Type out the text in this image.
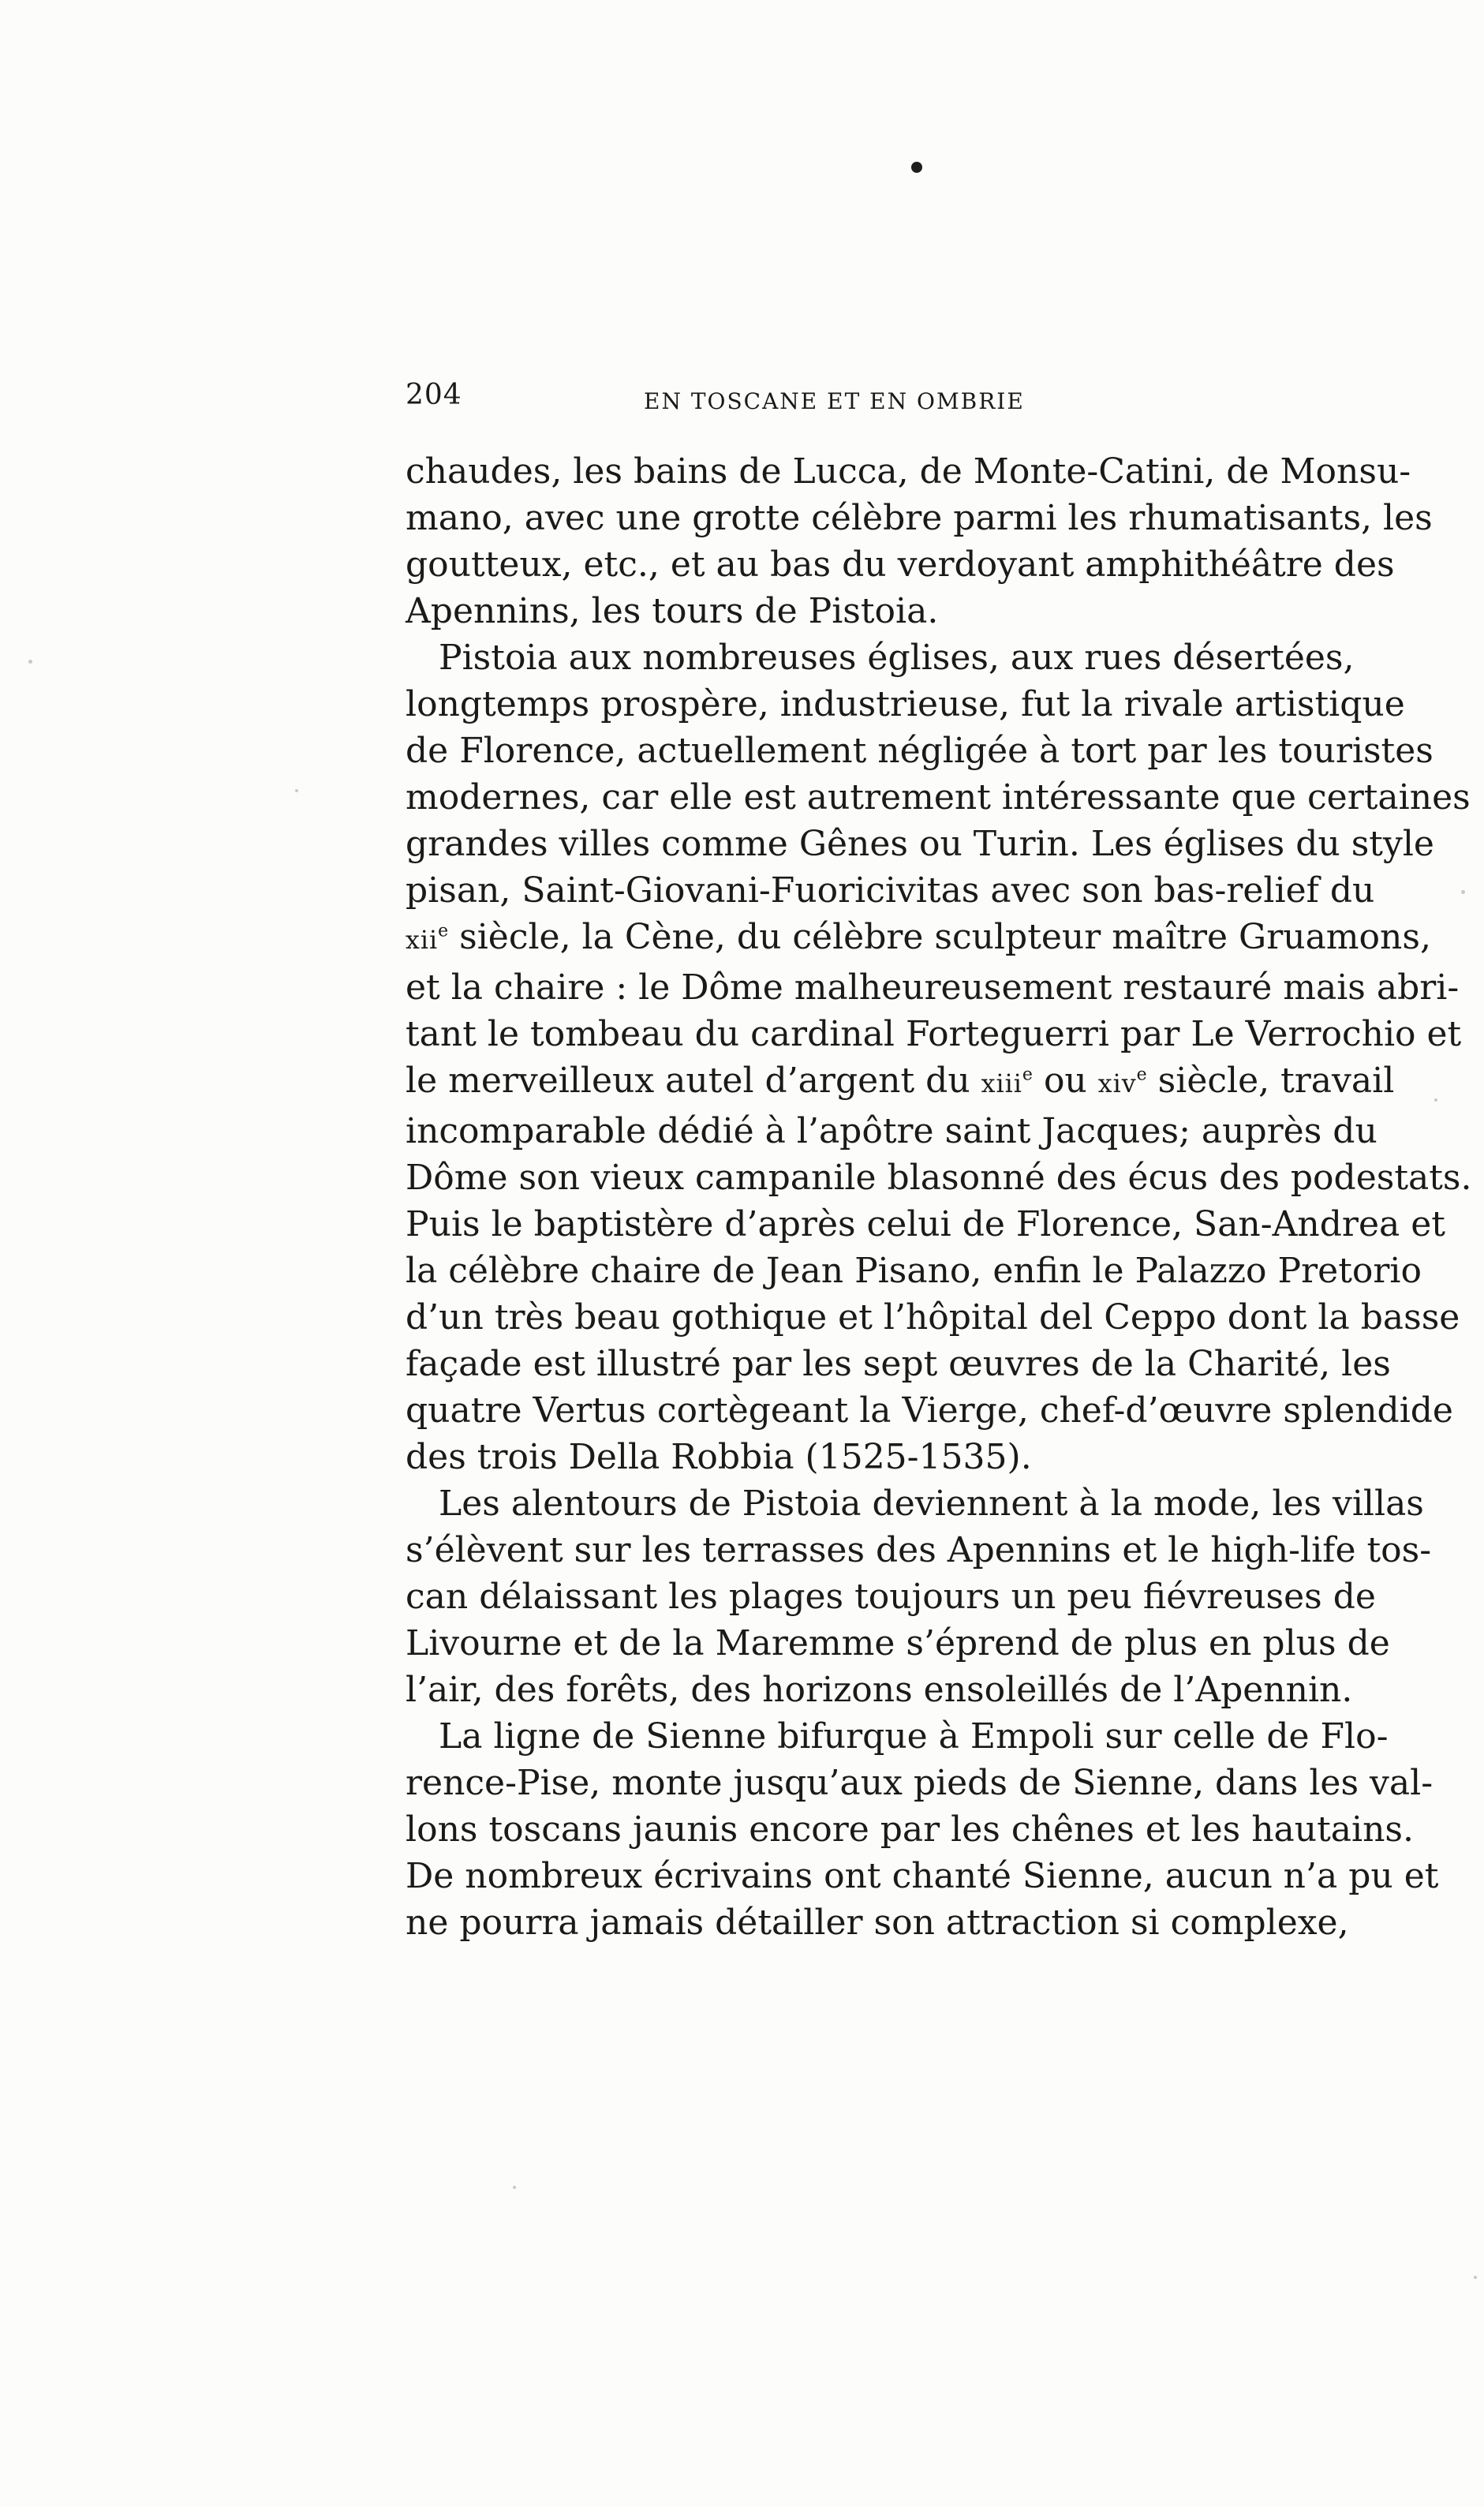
204	EN TOSCANE ET EN OMBRIE
chaudes, les bains de Lucca, de Monte-Catini, de Monsu-
mano, avec une grotte célèbre parmi les rhumatisants, les
goutteux, etc., et au bas du verdoyant amphithéâtre des
Apennins, les tours de Pistoia.
Pistoia aux nombreuses églises, aux rues désertées,
longtemps prospère, industrieuse, fut la rivale artistique
de Florence, actuellement négligée à tort par les touristes
modernes, car elle est autrement intéressante que certaines
grandes villes comme Gênes ou Turin. Les églises du style
pisan, Saint-Giovani-Fuoricivitas avec son bas-relief du
xii$^e$ siècle, la Cène, du célèbre sculpteur maître Gruamons,
et la chaire : le Dôme malheureusement restauré mais abri-
tant le tombeau du cardinal Forteguerri par Le Verrochio et
le merveilleux autel d’argent du xiii$^e$ ou xiv$^e$ siècle, travail
incomparable dédié à l’apôtre saint Jacques; auprès du
Dôme son vieux campanile blasonné des écus des podestats.
Puis le baptistère d’après celui de Florence, San-Andrea et
la célèbre chaire de Jean Pisano, enfin le Palazzo Pretorio
d’un très beau gothique et l’hôpital del Ceppo dont la basse
façade est illustré par les sept œuvres de la Charité, les
quatre Vertus cortègeant la Vierge, chef-d’œuvre splendide
des trois Della Robbia (1525-1535).
Les alentours de Pistoia deviennent à la mode, les villas
s’élèvent sur les terrasses des Apennins et le high-life tos-
can délaissant les plages toujours un peu fiévreuses de
Livourne et de la Maremme s’éprend de plus en plus de
l’air, des forêts, des horizons ensoleillés de l’Apennin.
La ligne de Sienne bifurque à Empoli sur celle de Flo-
rence-Pise, monte jusqu’aux pieds de Sienne, dans les val-
lons toscans jaunis encore par les chênes et les hautains.
De nombreux écrivains ont chanté Sienne, aucun n’a pu et
ne pourra jamais détailler son attraction si complexe,
